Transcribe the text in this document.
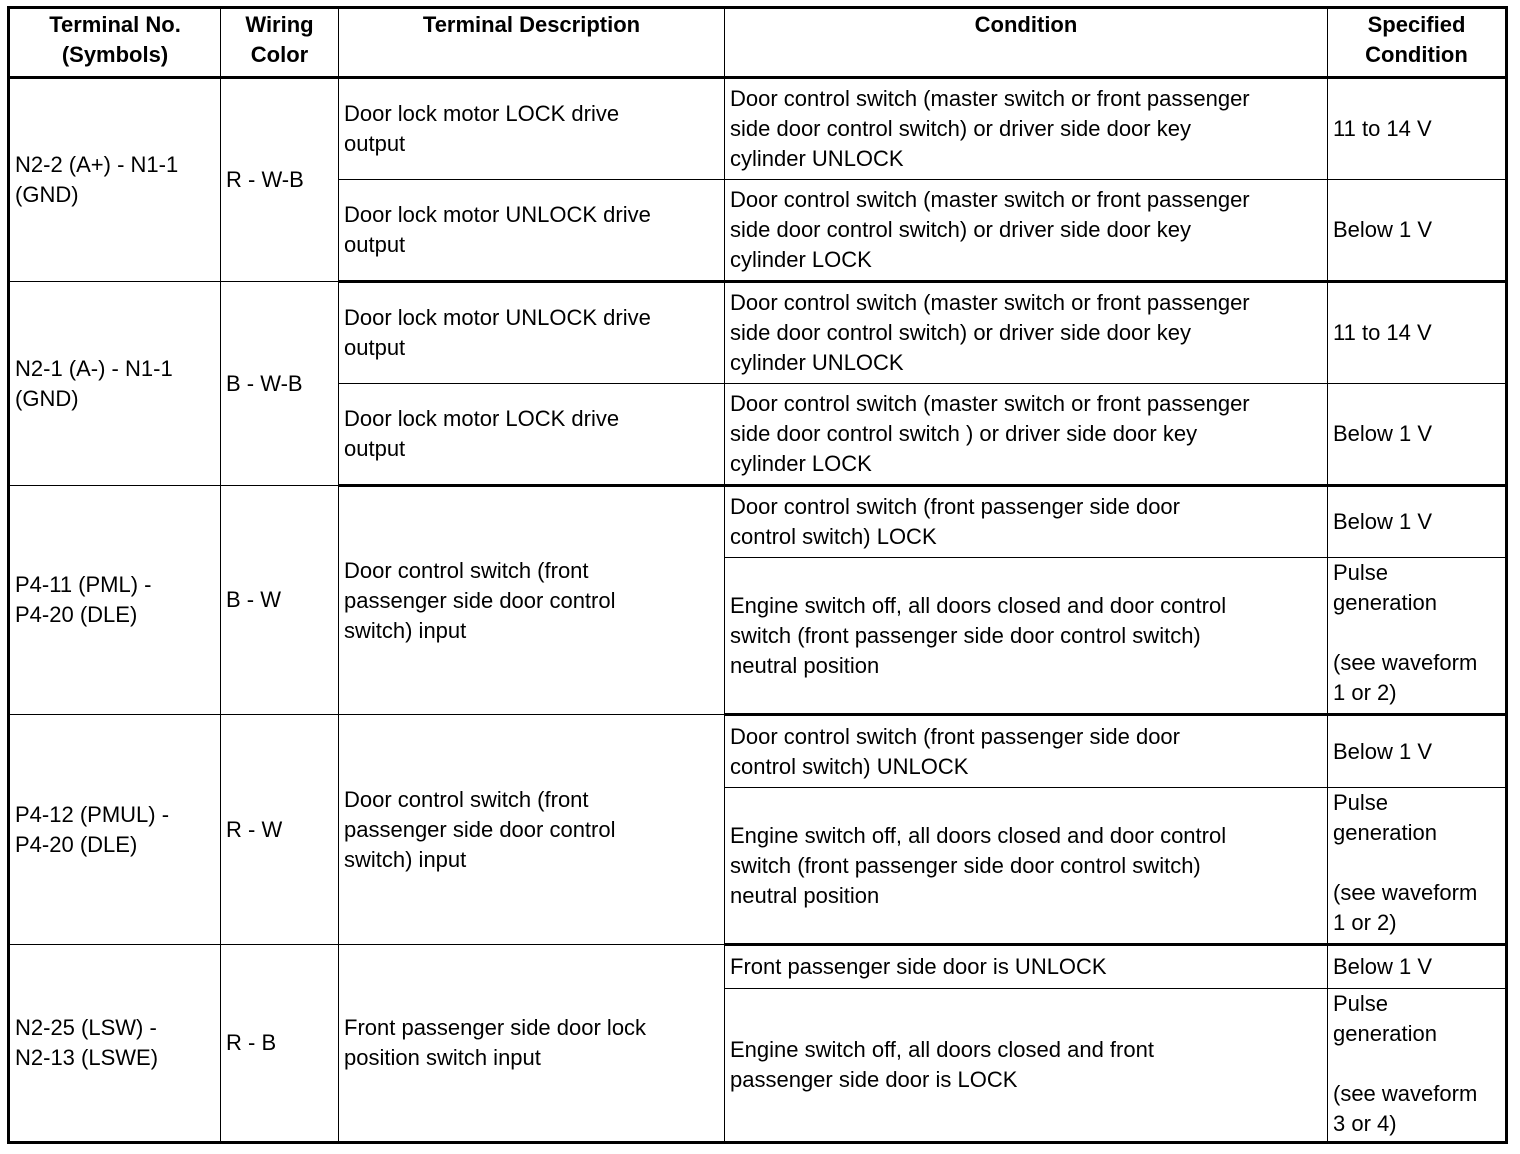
Terminal No.
(Symbols)	Wiring
Color	Terminal Description	Condition	Specified
Condition
N2-2 (A+) - N1-1
(GND)	R - W-B	Door lock motor LOCK drive
output	Door control switch (master switch or front passenger
side door control switch) or driver side door key
cylinder UNLOCK	11 to 14 V
		Door lock motor UNLOCK drive
output	Door control switch (master switch or front passenger
side door control switch) or driver side door key
cylinder LOCK	Below 1 V
N2-1 (A-) - N1-1
(GND)	B - W-B	Door lock motor UNLOCK drive
output	Door control switch (master switch or front passenger
side door control switch) or driver side door key
cylinder UNLOCK	11 to 14 V
		Door lock motor LOCK drive
output	Door control switch (master switch or front passenger
side door control switch ) or driver side door key
cylinder LOCK	Below 1 V
P4-11 (PML) -
P4-20 (DLE)	B - W	Door control switch (front
passenger side door control
switch) input	Door control switch (front passenger side door
control switch) LOCK	Below 1 V
			Engine switch off, all doors closed and door control
switch (front passenger side door control switch)
neutral position	Pulse
generation

(see waveform
1 or 2)
P4-12 (PMUL) -
P4-20 (DLE)	R - W	Door control switch (front
passenger side door control
switch) input	Door control switch (front passenger side door
control switch) UNLOCK	Below 1 V
			Engine switch off, all doors closed and door control
switch (front passenger side door control switch)
neutral position	Pulse
generation

(see waveform
1 or 2)
N2-25 (LSW) -
N2-13 (LSWE)	R - B	Front passenger side door lock
position switch input	Front passenger side door is UNLOCK	Below 1 V
			Engine switch off, all doors closed and front
passenger side door is LOCK	Pulse
generation

(see waveform
3 or 4)
